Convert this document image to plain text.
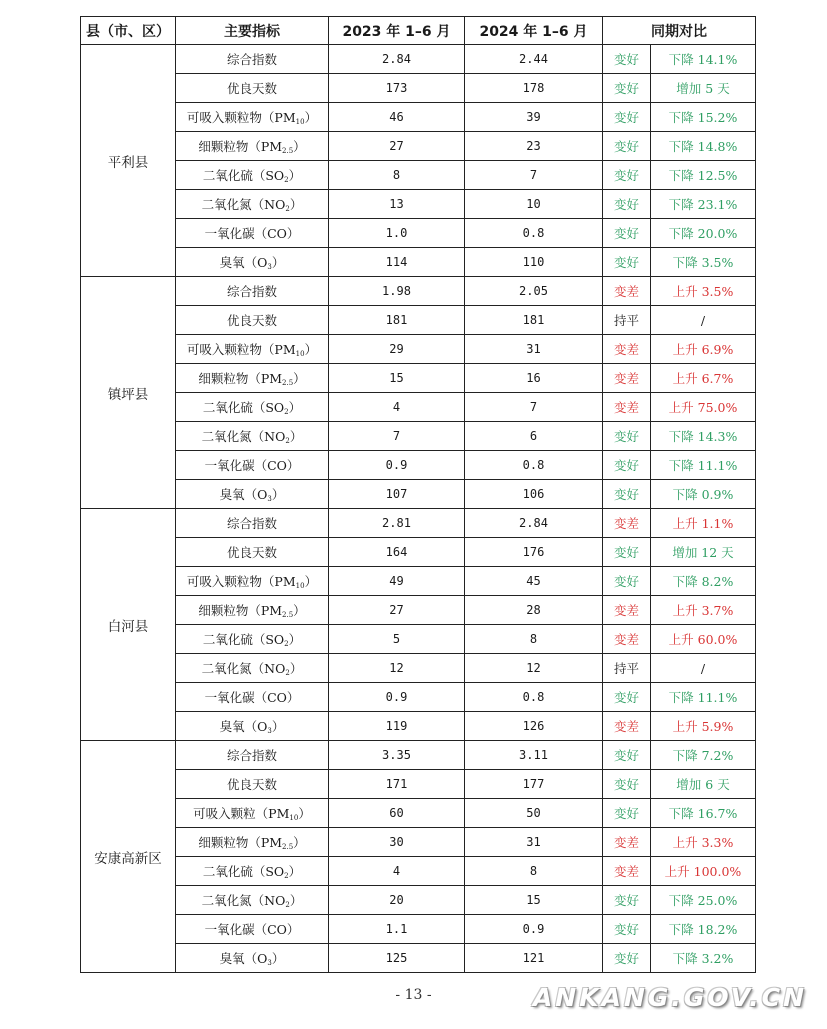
县（市、区）	主要指标	2023 年 1–6 月	2024 年 1–6 月	同期对比	
平利县	综合指数	2.84	2.44	变好	下降 14.1%
	优良天数	173	178	变好	增加 5 天
	可吸入颗粒物$(PM_{10})$	46	39	变好	下降 15.2%
	细颗粒物$(PM_{2.5})$	27	23	变好	下降 14.8%
	二氧化硫$(SO_2)$	8	7	变好	下降 12.5%
	二氧化氮$(NO_2)$	13	10	变好	下降 23.1%
	一氧化碳（CO）	1.0	0.8	变好	下降 20.0%
	臭氧$(O_3)$	114	110	变好	下降 3.5%
镇坪县	综合指数	1.98	2.05	变差	上升 3.5%
	优良天数	181	181	持平	/
	可吸入颗粒物$(PM_{10})$	29	31	变差	上升 6.9%
	细颗粒物$(PM_{2.5})$	15	16	变差	上升 6.7%
	二氧化硫$(SO_2)$	4	7	变差	上升 75.0%
	二氧化氮$(NO_2)$	7	6	变好	下降 14.3%
	一氧化碳（CO）	0.9	0.8	变好	下降 11.1%
	臭氧$(O_3)$	107	106	变好	下降 0.9%
白河县	综合指数	2.81	2.84	变差	上升 1.1%
	优良天数	164	176	变好	增加 12 天
	可吸入颗粒物$(PM_{10})$	49	45	变好	下降 8.2%
	细颗粒物$(PM_{2.5})$	27	28	变差	上升 3.7%
	二氧化硫$(SO_2)$	5	8	变差	上升 60.0%
	二氧化氮$(NO_2)$	12	12	持平	/
	一氧化碳（CO）	0.9	0.8	变好	下降 11.1%
	臭氧$(O_3)$	119	126	变差	上升 5.9%
安康高新区	综合指数	3.35	3.11	变好	下降 7.2%
	优良天数	171	177	变好	增加 6 天
	可吸入颗粒$(PM_{10})$	60	50	变好	下降 16.7%
	细颗粒物$(PM_{2.5})$	30	31	变差	上升 3.3%
	二氧化硫$(SO_2)$	4	8	变差	上升 100.0%
	二氧化氮$(NO_2)$	20	15	变好	下降 25.0%
	一氧化碳（CO）	1.1	0.9	变好	下降 18.2%
	臭氧$(O_3)$	125	121	变好	下降 3.2%
- 13 -	ANKANG.GOV.CN
